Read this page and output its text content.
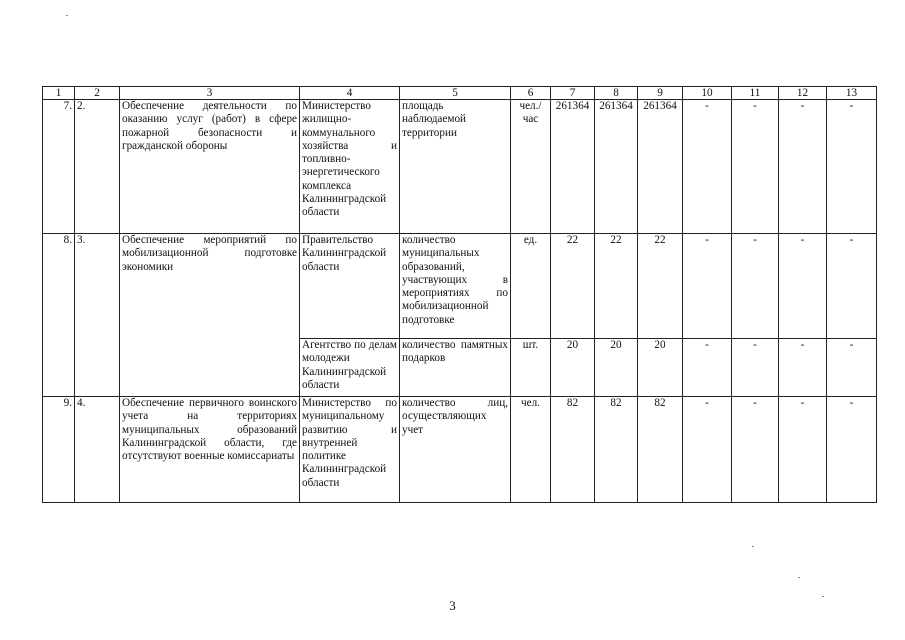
1	2	3	4	5	6	7	8	9	10	11	12	13
7.	2.	Обеспечение деятельности по оказанию услуг (работ) в сфере пожарной безопасности и гражданской обороны	Министерство жилищно-коммунального хозяйства и топливно-энергетического комплекса Калининградской области	площадь наблюдаемой территории	чел./ час	261364	261364	261364	-	-	-	-
8.	3.	Обеспечение мероприятий по мобилизационной подготовке экономики	Правительство Калининградской области	количество муниципальных образований, участвующих в мероприятиях по мобилизационной подготовке	ед.	22	22	22	-	-	-	-
			Агентство по делам молодежи Калининградской области	количество памятных подарков	шт.	20	20	20	-	-	-	-
9.	4.	Обеспечение первичного воинского учета на территориях муниципальных образований Калининградской области, где отсутствуют военные комиссариаты	Министерство по муниципальному развитию и внутренней политике Калининградской области	количество лиц, осуществляющих учет	чел.	82	82	82	-	-	-	-
3
